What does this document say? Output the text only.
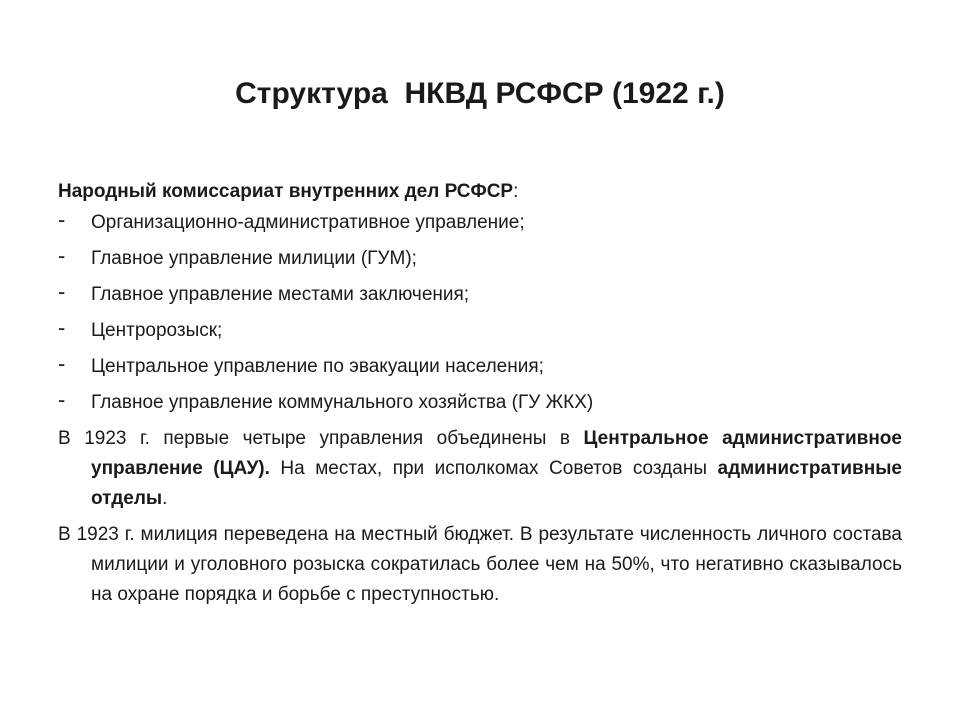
Структура  НКВД РСФСР (1922 г.)
Народный комиссариат внутренних дел РСФСР:
- Организационно-административное управление;
- Главное управление милиции (ГУМ);
- Главное управление местами заключения;
- Центророзыск;
- Центральное управление по эвакуации населения;
- Главное управление коммунального хозяйства (ГУ ЖКХ)

В 1923 г. первые четыре управления объединены в Центральное административное управление (ЦАУ). На местах, при исполкомах Советов созданы административные отделы.

В 1923 г. милиция переведена на местный бюджет. В результате численность личного состава милиции и уголовного розыска сократилась более чем на 50%, что негативно сказывалось на охране порядка и борьбе с преступностью.
